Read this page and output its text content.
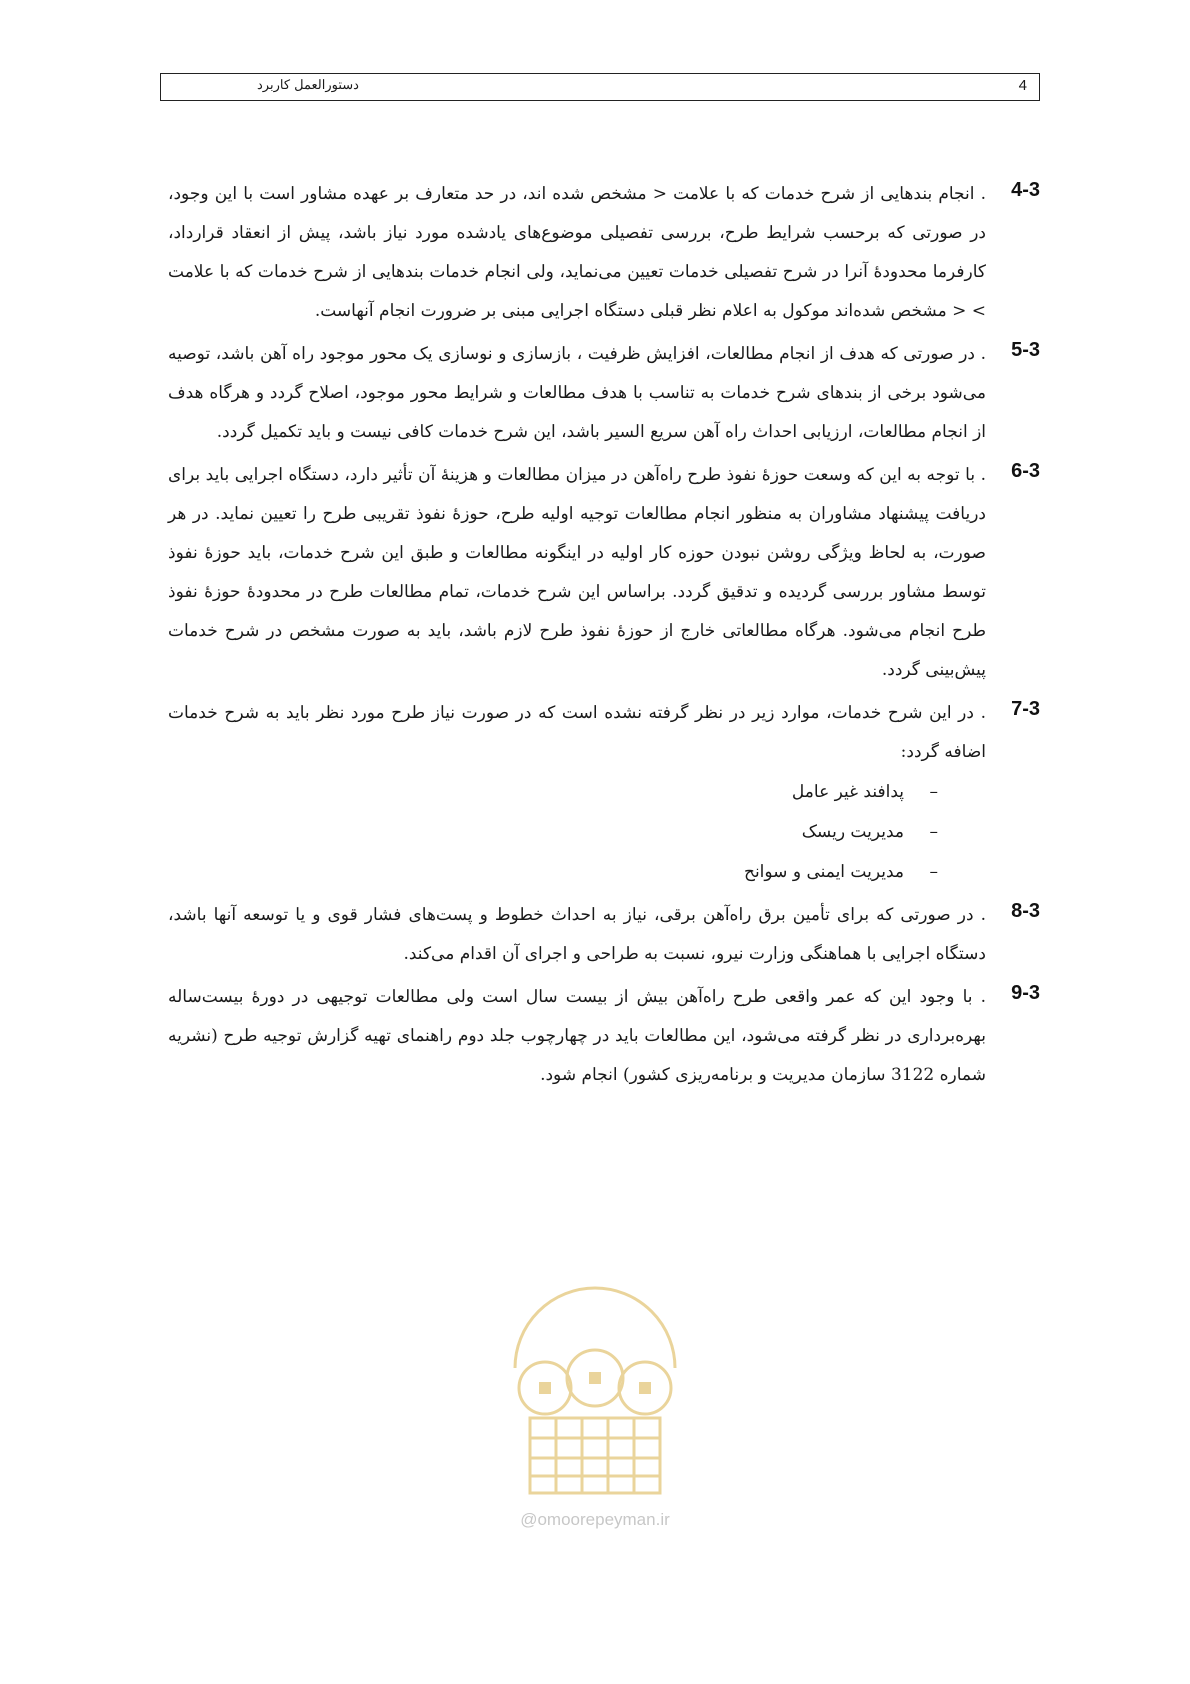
4
دستورالعمل کاربرد
4-3

. انجام بندهایی از شرح خدمات که با علامت < مشخص شده اند، در حد متعارف بر عهده مشاور است با این وجود، در صورتی که برحسب شرایط طرح، بررسی تفصیلی موضوع‌های یادشده مورد نیاز باشد، پیش از انعقاد قرارداد، کارفرما محدودهٔ آنرا در شرح تفصیلی خدمات تعیین می‌نماید، ولی انجام خدمات بندهایی از شرح خدمات که با علامت > < مشخص شده‌اند موکول به اعلام نظر قبلی دستگاه اجرایی مبنی بر ضرورت انجام آنهاست.

5-3

. در صورتی که هدف از انجام مطالعات، افزایش ظرفیت ، بازسازی و نوسازی یک محور موجود راه آهن باشد، توصیه می‌شود برخی از بندهای شرح خدمات به تناسب با هدف مطالعات و شرایط محور موجود، اصلاح گردد و هرگاه هدف از انجام مطالعات، ارزیابی احداث راه آهن سریع السیر باشد، این شرح خدمات کافی نیست و باید تکمیل گردد.

6-3

. با توجه به این که وسعت حوزهٔ نفوذ طرح راه‌آهن در میزان مطالعات و هزینهٔ آن تأثیر دارد، دستگاه اجرایی باید برای دریافت پیشنهاد مشاوران به منظور انجام مطالعات توجیه اولیه طرح، حوزهٔ نفوذ تقریبی طرح را تعیین نماید. در هر صورت، به لحاظ ویژگی روشن نبودن حوزه کار اولیه در اینگونه مطالعات و طبق این شرح خدمات، باید حوزهٔ نفوذ توسط مشاور بررسی گردیده و تدقیق گردد. براساس این شرح خدمات، تمام مطالعات طرح در محدودهٔ حوزهٔ نفوذ طرح انجام می‌شود. هرگاه مطالعاتی خارج از حوزهٔ نفوذ طرح لازم باشد، باید به صورت مشخص در شرح خدمات پیش‌بینی گردد.

7-3

. در این شرح خدمات، موارد زیر در نظر گرفته نشده است که در صورت نیاز طرح مورد نظر باید به شرح خدمات اضافه گردد:

–پدافند غیر عامل
–مدیریت ریسک
–مدیریت ایمنی و سوانح
8-3

. در صورتی که برای تأمین برق راه‌آهن برقی، نیاز به احداث خطوط و پست‌های فشار قوی و یا توسعه آنها باشد، دستگاه اجرایی با هماهنگی وزارت نیرو، نسبت به طراحی و اجرای آن اقدام می‌کند.

9-3

. با وجود این که عمر واقعی طرح راه‌آهن بیش از بیست سال است ولی مطالعات توجیهی در دورهٔ بیست‌ساله بهره‌برداری در نظر گرفته می‌شود، این مطالعات باید در چهارچوب جلد دوم راهنمای تهیه گزارش توجیه طرح (نشریه شماره 3122 سازمان مدیریت و برنامه‌ریزی کشور) انجام شود.

@omoorepeyman.ir
